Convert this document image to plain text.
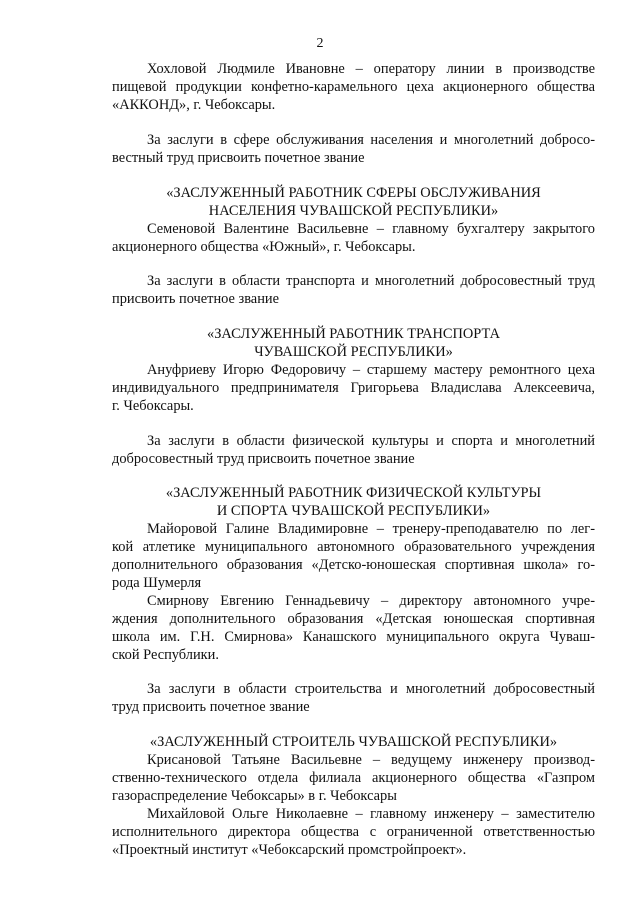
2
Хохловой Людмиле Ивановне – оператору линии в производстве
пищевой продукции конфетно-карамельного цеха акционерного общества
«АККОНД», г. Чебоксары.
За заслуги в сфере обслуживания населения и многолетний добросо-
вестный труд присвоить почетное звание
«ЗАСЛУЖЕННЫЙ РАБОТНИК СФЕРЫ ОБСЛУЖИВАНИЯ
НАСЕЛЕНИЯ ЧУВАШСКОЙ РЕСПУБЛИКИ»
Семеновой Валентине Васильевне – главному бухгалтеру закрытого
акционерного общества «Южный», г. Чебоксары.
За заслуги в области транспорта и многолетний добросовестный труд
присвоить почетное звание
«ЗАСЛУЖЕННЫЙ РАБОТНИК ТРАНСПОРТА
ЧУВАШСКОЙ РЕСПУБЛИКИ»
Ануфриеву Игорю Федоровичу – старшему мастеру ремонтного цеха
индивидуального предпринимателя Григорьева Владислава Алексеевича,
г. Чебоксары.
За заслуги в области физической культуры и спорта и многолетний
добросовестный труд присвоить почетное звание
«ЗАСЛУЖЕННЫЙ РАБОТНИК ФИЗИЧЕСКОЙ КУЛЬТУРЫ
И СПОРТА ЧУВАШСКОЙ РЕСПУБЛИКИ»
Майоровой Галине Владимировне – тренеру-преподавателю по лег-
кой атлетике муниципального автономного образовательного учреждения
дополнительного образования «Детско-юношеская спортивная школа» го-
рода Шумерля
Смирнову Евгению Геннадьевичу – директору автономного учре-
ждения дополнительного образования «Детская юношеская спортивная
школа им. Г.Н. Смирнова» Канашского муниципального округа Чуваш-
ской Республики.
За заслуги в области строительства и многолетний добросовестный
труд присвоить почетное звание
«ЗАСЛУЖЕННЫЙ СТРОИТЕЛЬ ЧУВАШСКОЙ РЕСПУБЛИКИ»
Крисановой Татьяне Васильевне – ведущему инженеру производ-
ственно-технического отдела филиала акционерного общества «Газпром
газораспределение Чебоксары» в г. Чебоксары
Михайловой Ольге Николаевне – главному инженеру – заместителю
исполнительного директора общества с ограниченной ответственностью
«Проектный институт «Чебоксарский промстройпроект».
